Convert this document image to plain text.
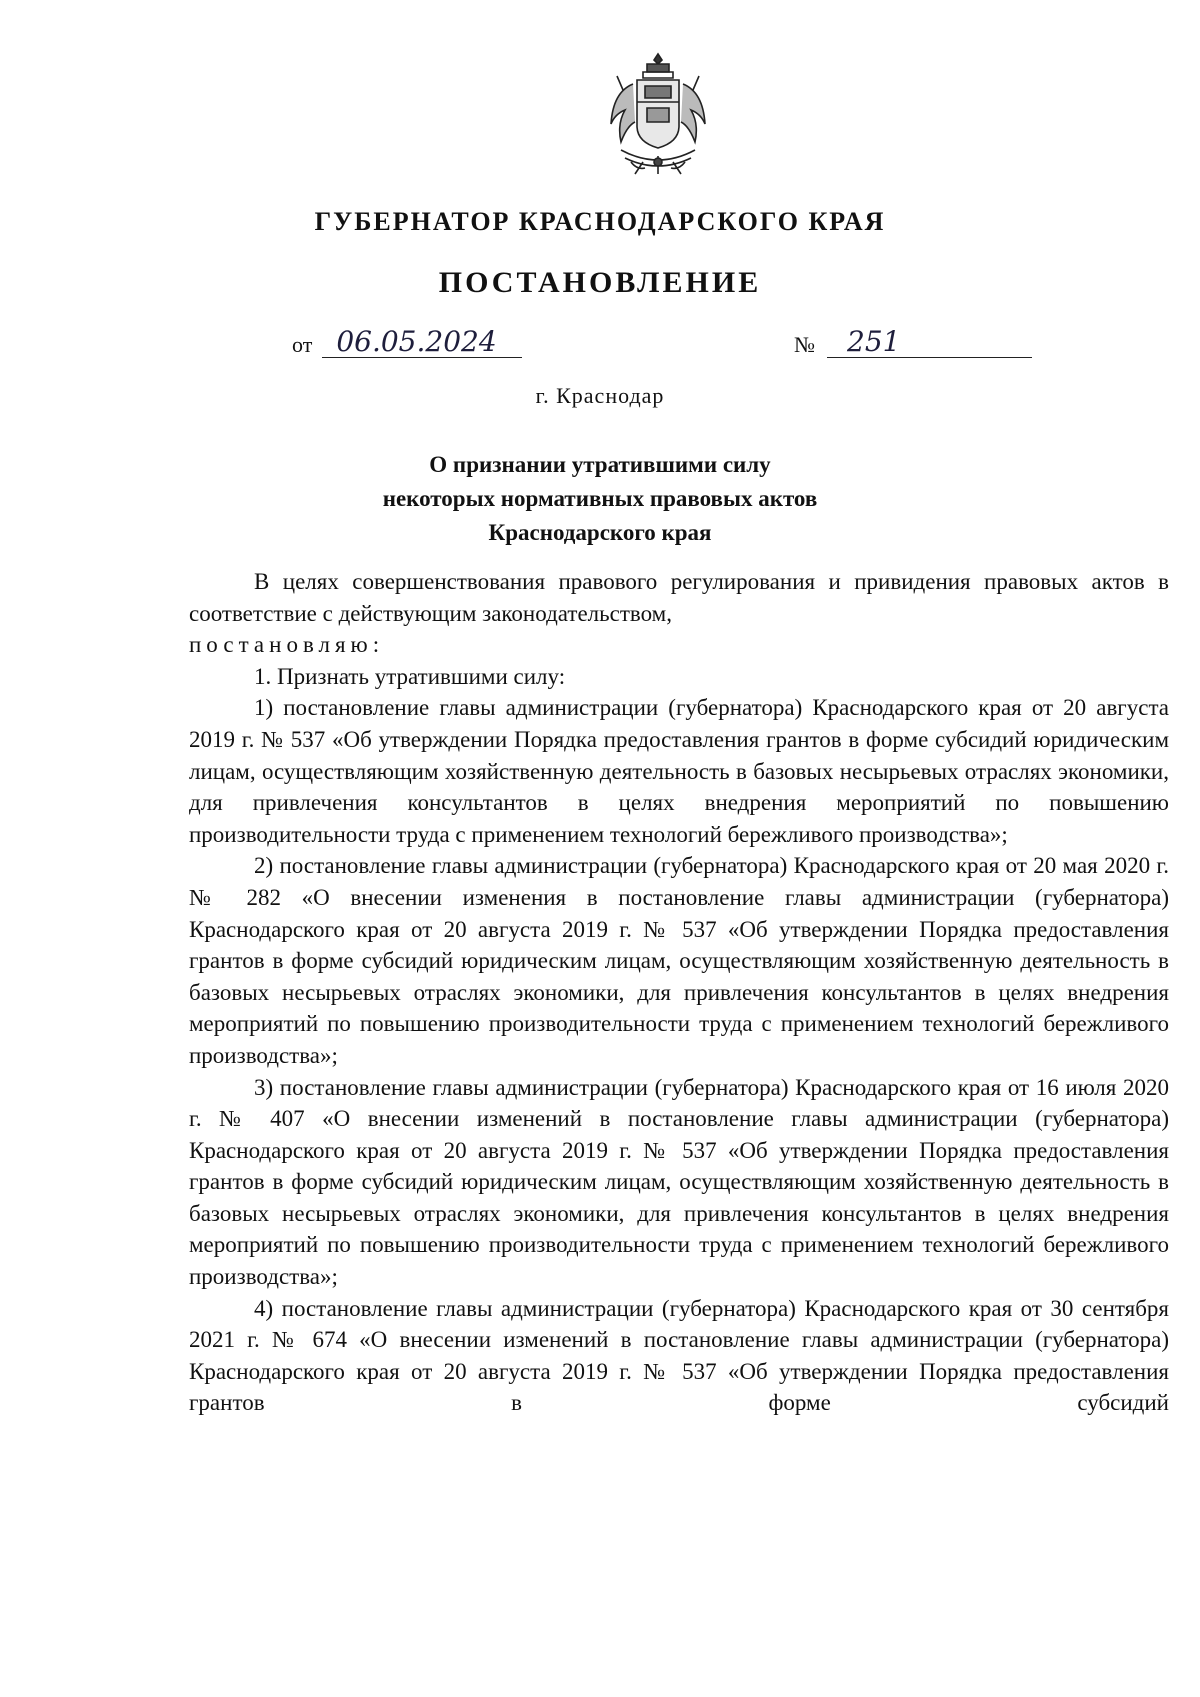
ГУБЕРНАТОР КРАСНОДАРСКОГО КРАЯ
ПОСТАНОВЛЕНИЕ
от 06.05.2024	№ 251
г. Краснодар
О признании утратившими силу
некоторых нормативных правовых актов
Краснодарского края

В целях совершенствования правового регулирования и привидения правовых актов в соответствие с действующим законодательством,

постановляю:

1. Признать утратившими силу:

1) постановление главы администрации (губернатора) Краснодарского края от 20 августа 2019 г. № 537 «Об утверждении Порядка предоставления грантов в форме субсидий юридическим лицам, осуществляющим хозяйственную деятельность в базовых несырьевых отраслях экономики, для привлечения консультантов в целях внедрения мероприятий по повышению производительности труда с применением технологий бережливого производства»;

2) постановление главы администрации (губернатора) Краснодарского края от 20 мая 2020 г. № 282 «О внесении изменения в постановление главы администрации (губернатора) Краснодарского края от 20 августа 2019 г. № 537 «Об утверждении Порядка предоставления грантов в форме субсидий юридическим лицам, осуществляющим хозяйственную деятельность в базовых несырьевых отраслях экономики, для привлечения консультантов в целях внедрения мероприятий по повышению производительности труда с применением технологий бережливого производства»;

3) постановление главы администрации (губернатора) Краснодарского края от 16 июля 2020 г. № 407 «О внесении изменений в постановление главы администрации (губернатора) Краснодарского края от 20 августа 2019 г. № 537 «Об утверждении Порядка предоставления грантов в форме субсидий юридическим лицам, осуществляющим хозяйственную деятельность в базовых несырьевых отраслях экономики, для привлечения консультантов в целях внедрения мероприятий по повышению производительности труда с применением технологий бережливого производства»;

4) постановление главы администрации (губернатора) Краснодарского края от 30 сентября 2021 г. № 674 «О внесении изменений в постановление главы администрации (губернатора) Краснодарского края от 20 августа 2019 г. № 537 «Об утверждении Порядка предоставления грантов в форме субсидий
